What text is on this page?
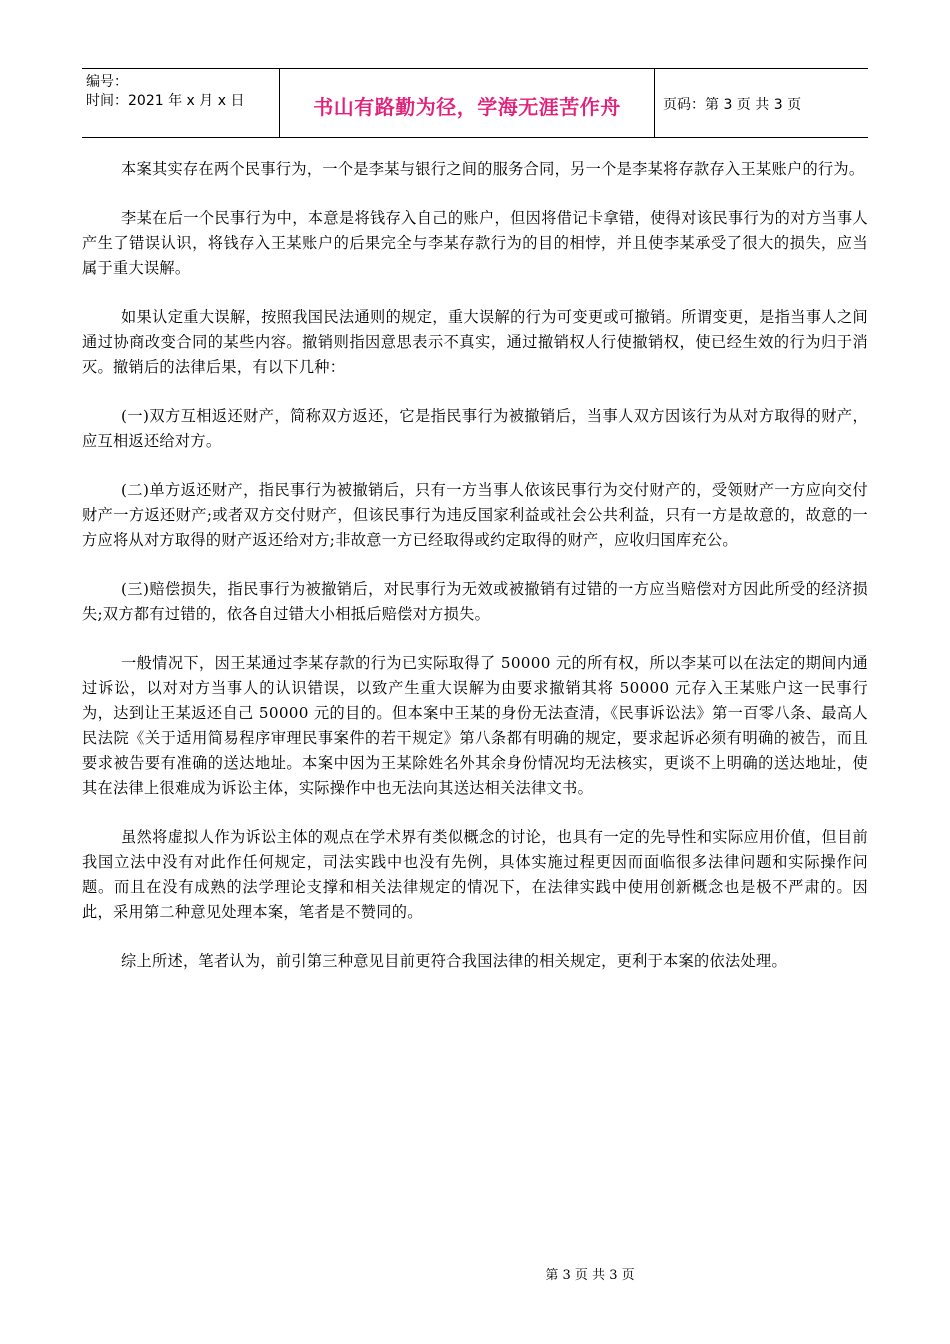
编号：
时间：2021 年 x 月 x 日	书山有路勤为径，学海无涯苦作舟	页码：第 3 页 共 3 页

本案其实存在两个民事行为，一个是李某与银行之间的服务合同，另一个是李某将存款存入王某账户的行为。

李某在后一个民事行为中，本意是将钱存入自己的账户，但因将借记卡拿错，使得对该民事行为的对方当事人产生了错误认识，将钱存入王某账户的后果完全与李某存款行为的目的相悖，并且使李某承受了很大的损失，应当属于重大误解。

如果认定重大误解，按照我国民法通则的规定，重大误解的行为可变更或可撤销。所谓变更，是指当事人之间通过协商改变合同的某些内容。撤销则指因意思表示不真实，通过撤销权人行使撤销权，使已经生效的行为归于消灭。撤销后的法律后果，有以下几种：

(一)双方互相返还财产，简称双方返还，它是指民事行为被撤销后，当事人双方因该行为从对方取得的财产，应互相返还给对方。

(二)单方返还财产，指民事行为被撤销后，只有一方当事人依该民事行为交付财产的，受领财产一方应向交付财产一方返还财产;或者双方交付财产，但该民事行为违反国家利益或社会公共利益，只有一方是故意的，故意的一方应将从对方取得的财产返还给对方;非故意一方已经取得或约定取得的财产，应收归国库充公。

(三)赔偿损失，指民事行为被撤销后，对民事行为无效或被撤销有过错的一方应当赔偿对方因此所受的经济损失;双方都有过错的，依各自过错大小相抵后赔偿对方损失。

一般情况下，因王某通过李某存款的行为已实际取得了 50000 元的所有权，所以李某可以在法定的期间内通过诉讼，以对对方当事人的认识错误，以致产生重大误解为由要求撤销其将 50000 元存入王某账户这一民事行为，达到让王某返还自己 50000 元的目的。但本案中王某的身份无法查清，《民事诉讼法》第一百零八条、最高人民法院《关于适用简易程序审理民事案件的若干规定》第八条都有明确的规定，要求起诉必须有明确的被告，而且要求被告要有准确的送达地址。本案中因为王某除姓名外其余身份情况均无法核实，更谈不上明确的送达地址，使其在法律上很难成为诉讼主体，实际操作中也无法向其送达相关法律文书。

虽然将虚拟人作为诉讼主体的观点在学术界有类似概念的讨论，也具有一定的先导性和实际应用价值，但目前我国立法中没有对此作任何规定，司法实践中也没有先例，具体实施过程更因而面临很多法律问题和实际操作问题。而且在没有成熟的法学理论支撑和相关法律规定的情况下，在法律实践中使用创新概念也是极不严肃的。因此，采用第二种意见处理本案，笔者是不赞同的。

综上所述，笔者认为，前引第三种意见目前更符合我国法律的相关规定，更利于本案的依法处理。

第 3 页 共 3 页
